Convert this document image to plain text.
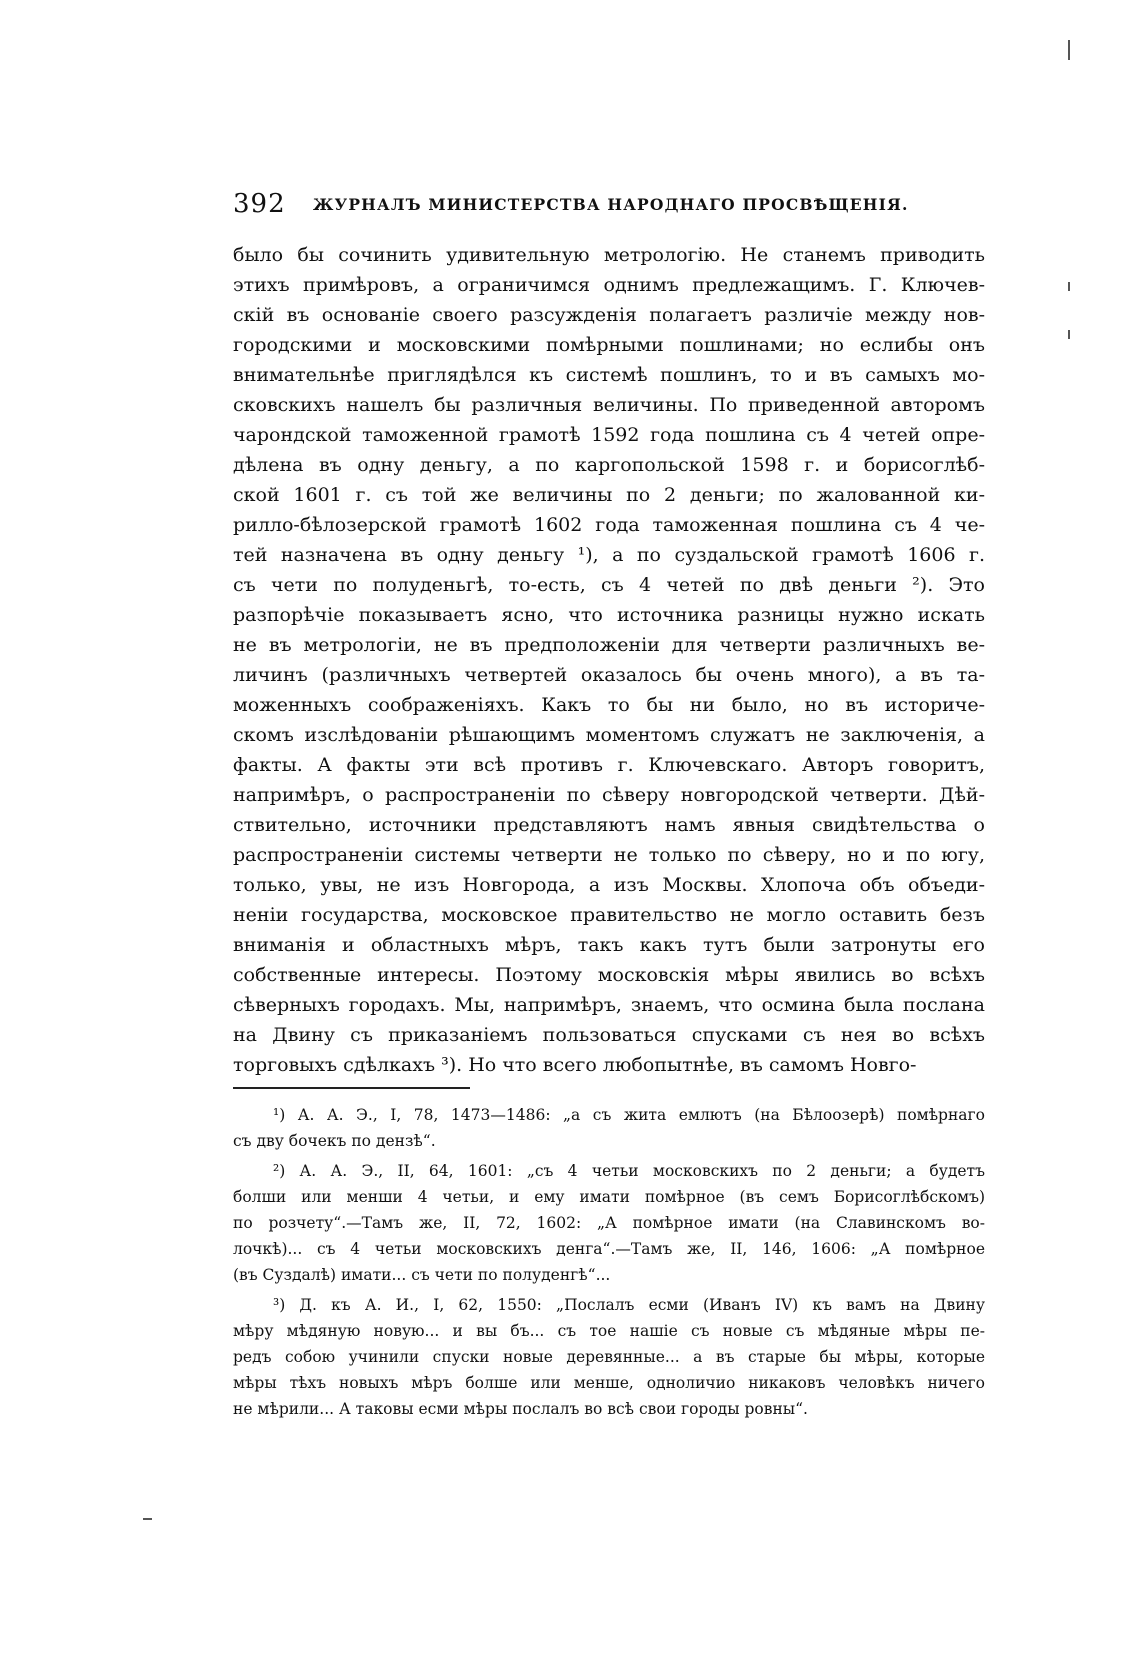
392 ЖУРНАЛЪ МИНИСТЕРСТВА НАРОДНАГО ПРОСВѢЩЕНІЯ.
было бы сочинить удивительную метрологію. Не станемъ приводить
этихъ примѣровъ, а ограничимся однимъ предлежащимъ. Г. Ключев-
скій въ основаніе своего разсужденія полагаетъ различіе между нов-
городскими и московскими помѣрными пошлинами; но еслибы онъ
внимательнѣе приглядѣлся къ системѣ пошлинъ, то и въ самыхъ мо-
сковскихъ нашелъ бы различныя величины. По приведенной авторомъ
чарондской таможенной грамотѣ 1592 года пошлина съ 4 четей опре-
дѣлена въ одну деньгу, а по каргопольской 1598 г. и борисоглѣб-
ской 1601 г. съ той же величины по 2 деньги; по жалованной ки-
рилло-бѣлозерской грамотѣ 1602 года таможенная пошлина съ 4 че-
тей назначена въ одну деньгу ¹), а по суздальской грамотѣ 1606 г.
съ чети по полуденьгѣ, то-есть, съ 4 четей по двѣ деньги ²). Это
разпорѣчіе показываетъ ясно, что источника разницы нужно искать
не въ метрологіи, не въ предположеніи для четверти различныхъ ве-
личинъ (различныхъ четвертей оказалось бы очень много), а въ та-
моженныхъ соображеніяхъ. Какъ то бы ни было, но въ историче-
скомъ изслѣдованіи рѣшающимъ моментомъ служатъ не заключенія, а
факты. А факты эти всѣ противъ г. Ключевскаго. Авторъ говоритъ,
напримѣръ, о распространеніи по сѣверу новгородской четверти. Дѣй-
ствительно, источники представляютъ намъ явныя свидѣтельства о
распространеніи системы четверти не только по сѣверу, но и по югу,
только, увы, не изъ Новгорода, а изъ Москвы. Хлопоча объ объеди-
неніи государства, московское правительство не могло оставить безъ
вниманія и областныхъ мѣръ, такъ какъ тутъ были затронуты его
собственные интересы. Поэтому московскія мѣры явились во всѣхъ
сѣверныхъ городахъ. Мы, напримѣръ, знаемъ, что осмина была послана
на Двину съ приказаніемъ пользоваться спусками съ нея во всѣхъ
торговыхъ сдѣлкахъ ³). Но что всего любопытнѣе, въ самомъ Новго-
¹) А. А. Э., I, 78, 1473—1486: „а съ жита емлютъ (на Бѣлоозерѣ) помѣрнаго
съ дву бочекъ по дензѣ“.
²) А. А. Э., II, 64, 1601: „съ 4 четьи московскихъ по 2 деньги; а будетъ
болши или менши 4 четьи, и ему имати помѣрное (въ семъ Борисоглѣбскомъ)
по розчету“.—Тамъ же, II, 72, 1602: „А помѣрное имати (на Славинскомъ во-
лочкѣ)... съ 4 четьи московскихъ денга“.—Тамъ же, II, 146, 1606: „А помѣрное
(въ Суздалѣ) имати... съ чети по полуденгѣ“...
³) Д. къ А. И., I, 62, 1550: „Послалъ есми (Иванъ IV) къ вамъ на Двину
мѣру мѣдяную новую... и вы бъ... съ тое нашіе съ новые съ мѣдяные мѣры пе-
редъ собою учинили спуски новые деревянные... а въ старые бы мѣры, которые
мѣры тѣхъ новыхъ мѣръ болше или менше, одноличио никаковъ человѣкъ ничего
не мѣрили... А таковы есми мѣры послалъ во всѣ свои городы ровны“.
